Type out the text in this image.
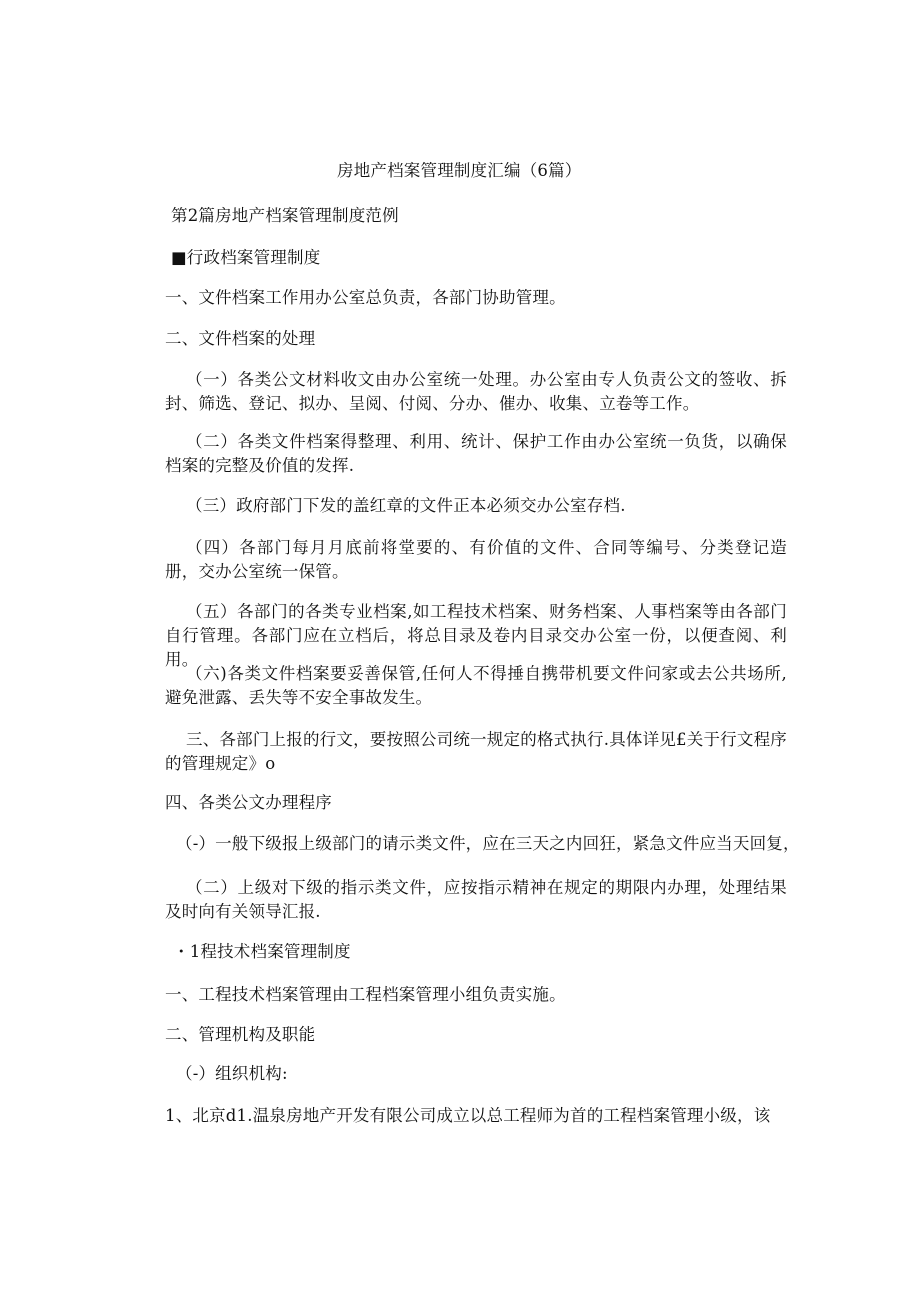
房地产档案管理制度汇编（6篇）
第2篇房地产档案管理制度范例
■行政档案管理制度
一、文件档案工作用办公室总负责，各部门协助管理。
二、文件档案的处理
（一）各类公文材料收文由办公室统一处理。办公室由专人负责公文的签收、拆封、筛选、登记、拟办、呈阅、付阅、分办、催办、收集、立卷等工作。
（二）各类文件档案得整理、利用、统计、保护工作由办公室统一负货，以确保档案的完整及价值的发挥.
（三）政府部门下发的盖红章的文件正本必须交办公室存档.
（四）各部门每月月底前将堂要的、有价值的文件、合同等编号、分类登记造册，交办公室统一保管。
（五）各部门的各类专业档案,如工程技术档案、财务档案、人事档案等由各部门自行管理。各部门应在立档后，将总目录及卷内目录交办公室一份，以便查阅、利用。
（六)各类文件档案要妥善保管,任何人不得捶自携带机要文件问家或去公共场所,避免泄露、丢失等不安全事故发生。
三、各部门上报的行文，要按照公司统一规定的格式执行.具体详见£关于行文程序的管理规定》o
四、各类公文办理程序
（-）一般下级报上级部门的请示类文件，应在三天之内回狂，紧急文件应当天回复，
（二）上级对下级的指示类文件，应按指示精神在规定的期限内办理，处理结果及时向有关领导汇报.
・1程技术档案管理制度
一、工程技术档案管理由工程档案管理小组负责实施。
二、管理机构及职能
（-）组织机构:
1、北京d1.温泉房地产开发有限公司成立以总工程师为首的工程档案管理小级，该
